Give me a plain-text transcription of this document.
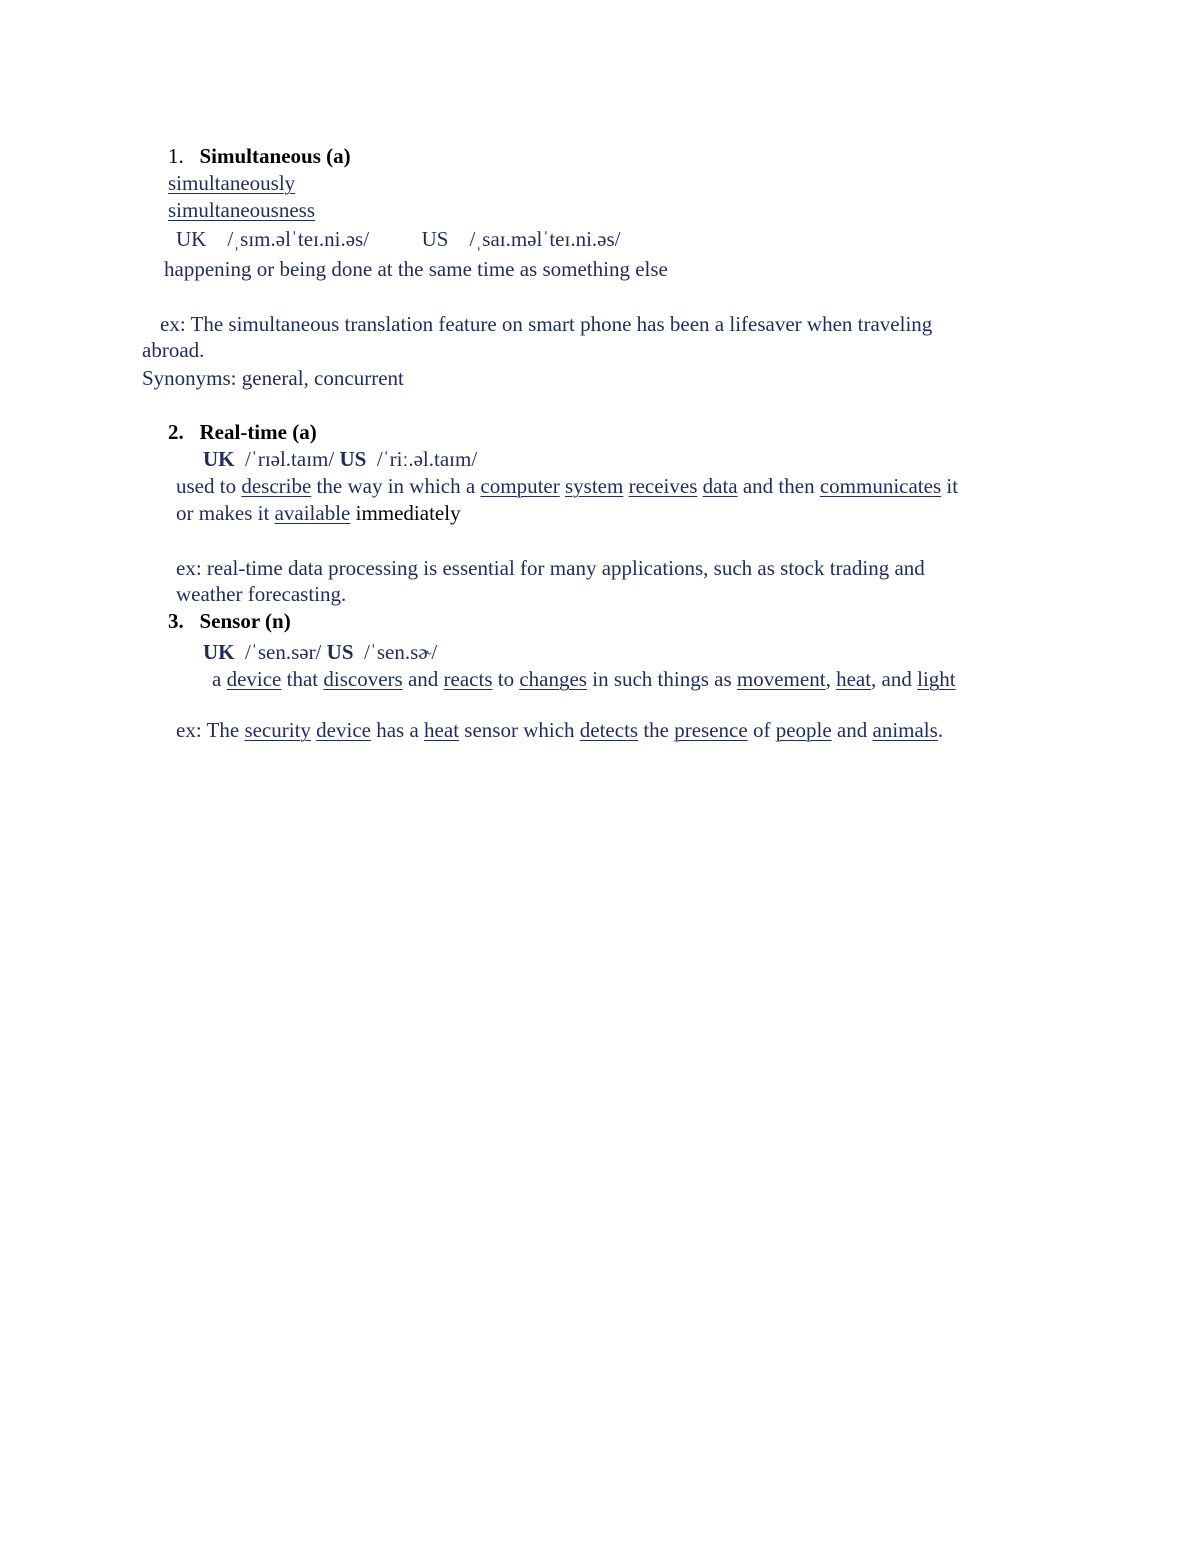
1. Simultaneous (a)
simultaneously
simultaneousness
UK /ˌsɪm.əlˈteɪ.ni.əs/	US /ˌsaɪ.məlˈteɪ.ni.əs/
happening or being done at the same time as something else
ex: The simultaneous translation feature on smart phone has been a lifesaver when traveling
abroad.
Synonyms: general, concurrent
2. Real-time (a)
UK /ˈrɪəl.taɪm/ US /ˈriː.əl.taɪm/
used to describe the way in which a computer system receives data and then communicates it
or makes it available immediately
ex: real-time data processing is essential for many applications, such as stock trading and
weather forecasting.
3. Sensor (n)
UK /ˈsen.sər/ US /ˈsen.sɚ/
a device that discovers and reacts to changes in such things as movement, heat, and light
ex: The security device has a heat sensor which detects the presence of people and animals.
